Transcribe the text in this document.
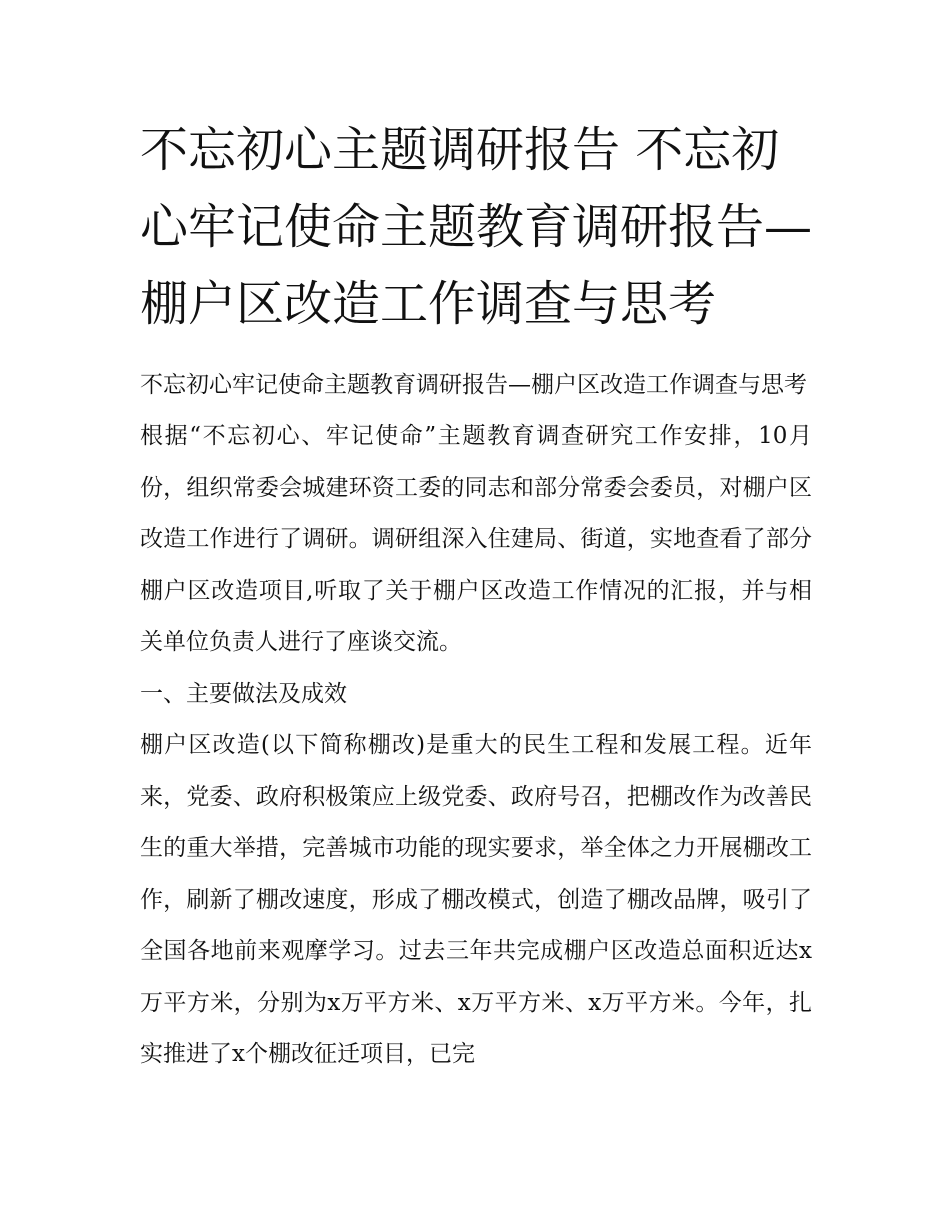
不忘初心主题调研报告 不忘初心牢记使命主题教育调研报告—棚户区改造工作调查与思考

不忘初心牢记使命主题教育调研报告—棚户区改造工作调查与思考

根据“不忘初心、牢记使命”主题教育调查研究工作安排，10月份，组织常委会城建环资工委的同志和部分常委会委员，对棚户区改造工作进行了调研。调研组深入住建局、街道，实地查看了部分棚户区改造项目,听取了关于棚户区改造工作情况的汇报，并与相关单位负责人进行了座谈交流。

一、主要做法及成效

棚户区改造(以下简称棚改)是重大的民生工程和发展工程。近年来，党委、政府积极策应上级党委、政府号召，把棚改作为改善民生的重大举措，完善城市功能的现实要求，举全体之力开展棚改工作，刷新了棚改速度，形成了棚改模式，创造了棚改品牌，吸引了全国各地前来观摩学习。过去三年共完成棚户区改造总面积近达x万平方米，分别为x万平方米、x万平方米、x万平方米。今年，扎实推进了x个棚改征迁项目，已完
